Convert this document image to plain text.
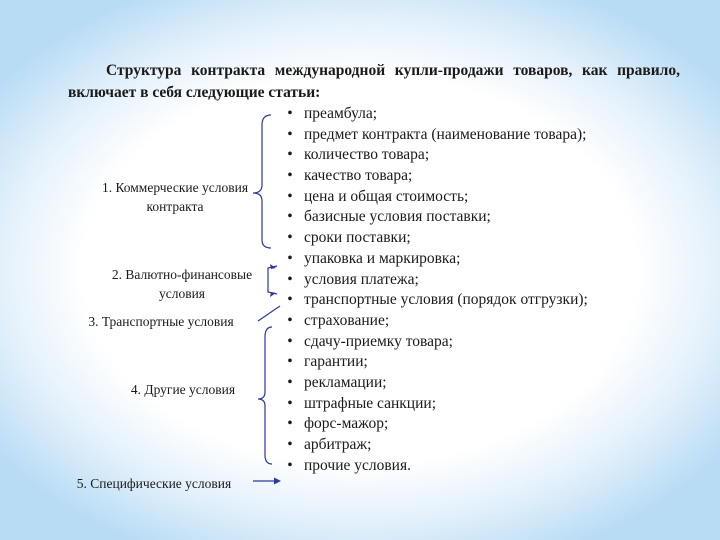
Структура контракта международной купли-продажи товаров, как правило, включает в себя следующие статьи:
• преамбула;
• предмет контракта (наименование товара);
• количество товара;
• качество товара;
• цена и общая стоимость;
• базисные условия поставки;
• сроки поставки;
• упаковка и маркировка;
• условия платежа;
• транспортные условия (порядок отгрузки);
• страхование;
• сдачу-приемку товара;
• гарантии;
• рекламации;
• штрафные санкции;
• форс-мажор;
• арбитраж;
• прочие условия.
1. Коммерческие условия контракта
2. Валютно-финансовые условия
3. Транспортные условия
4. Другие условия
5. Специфические условия
